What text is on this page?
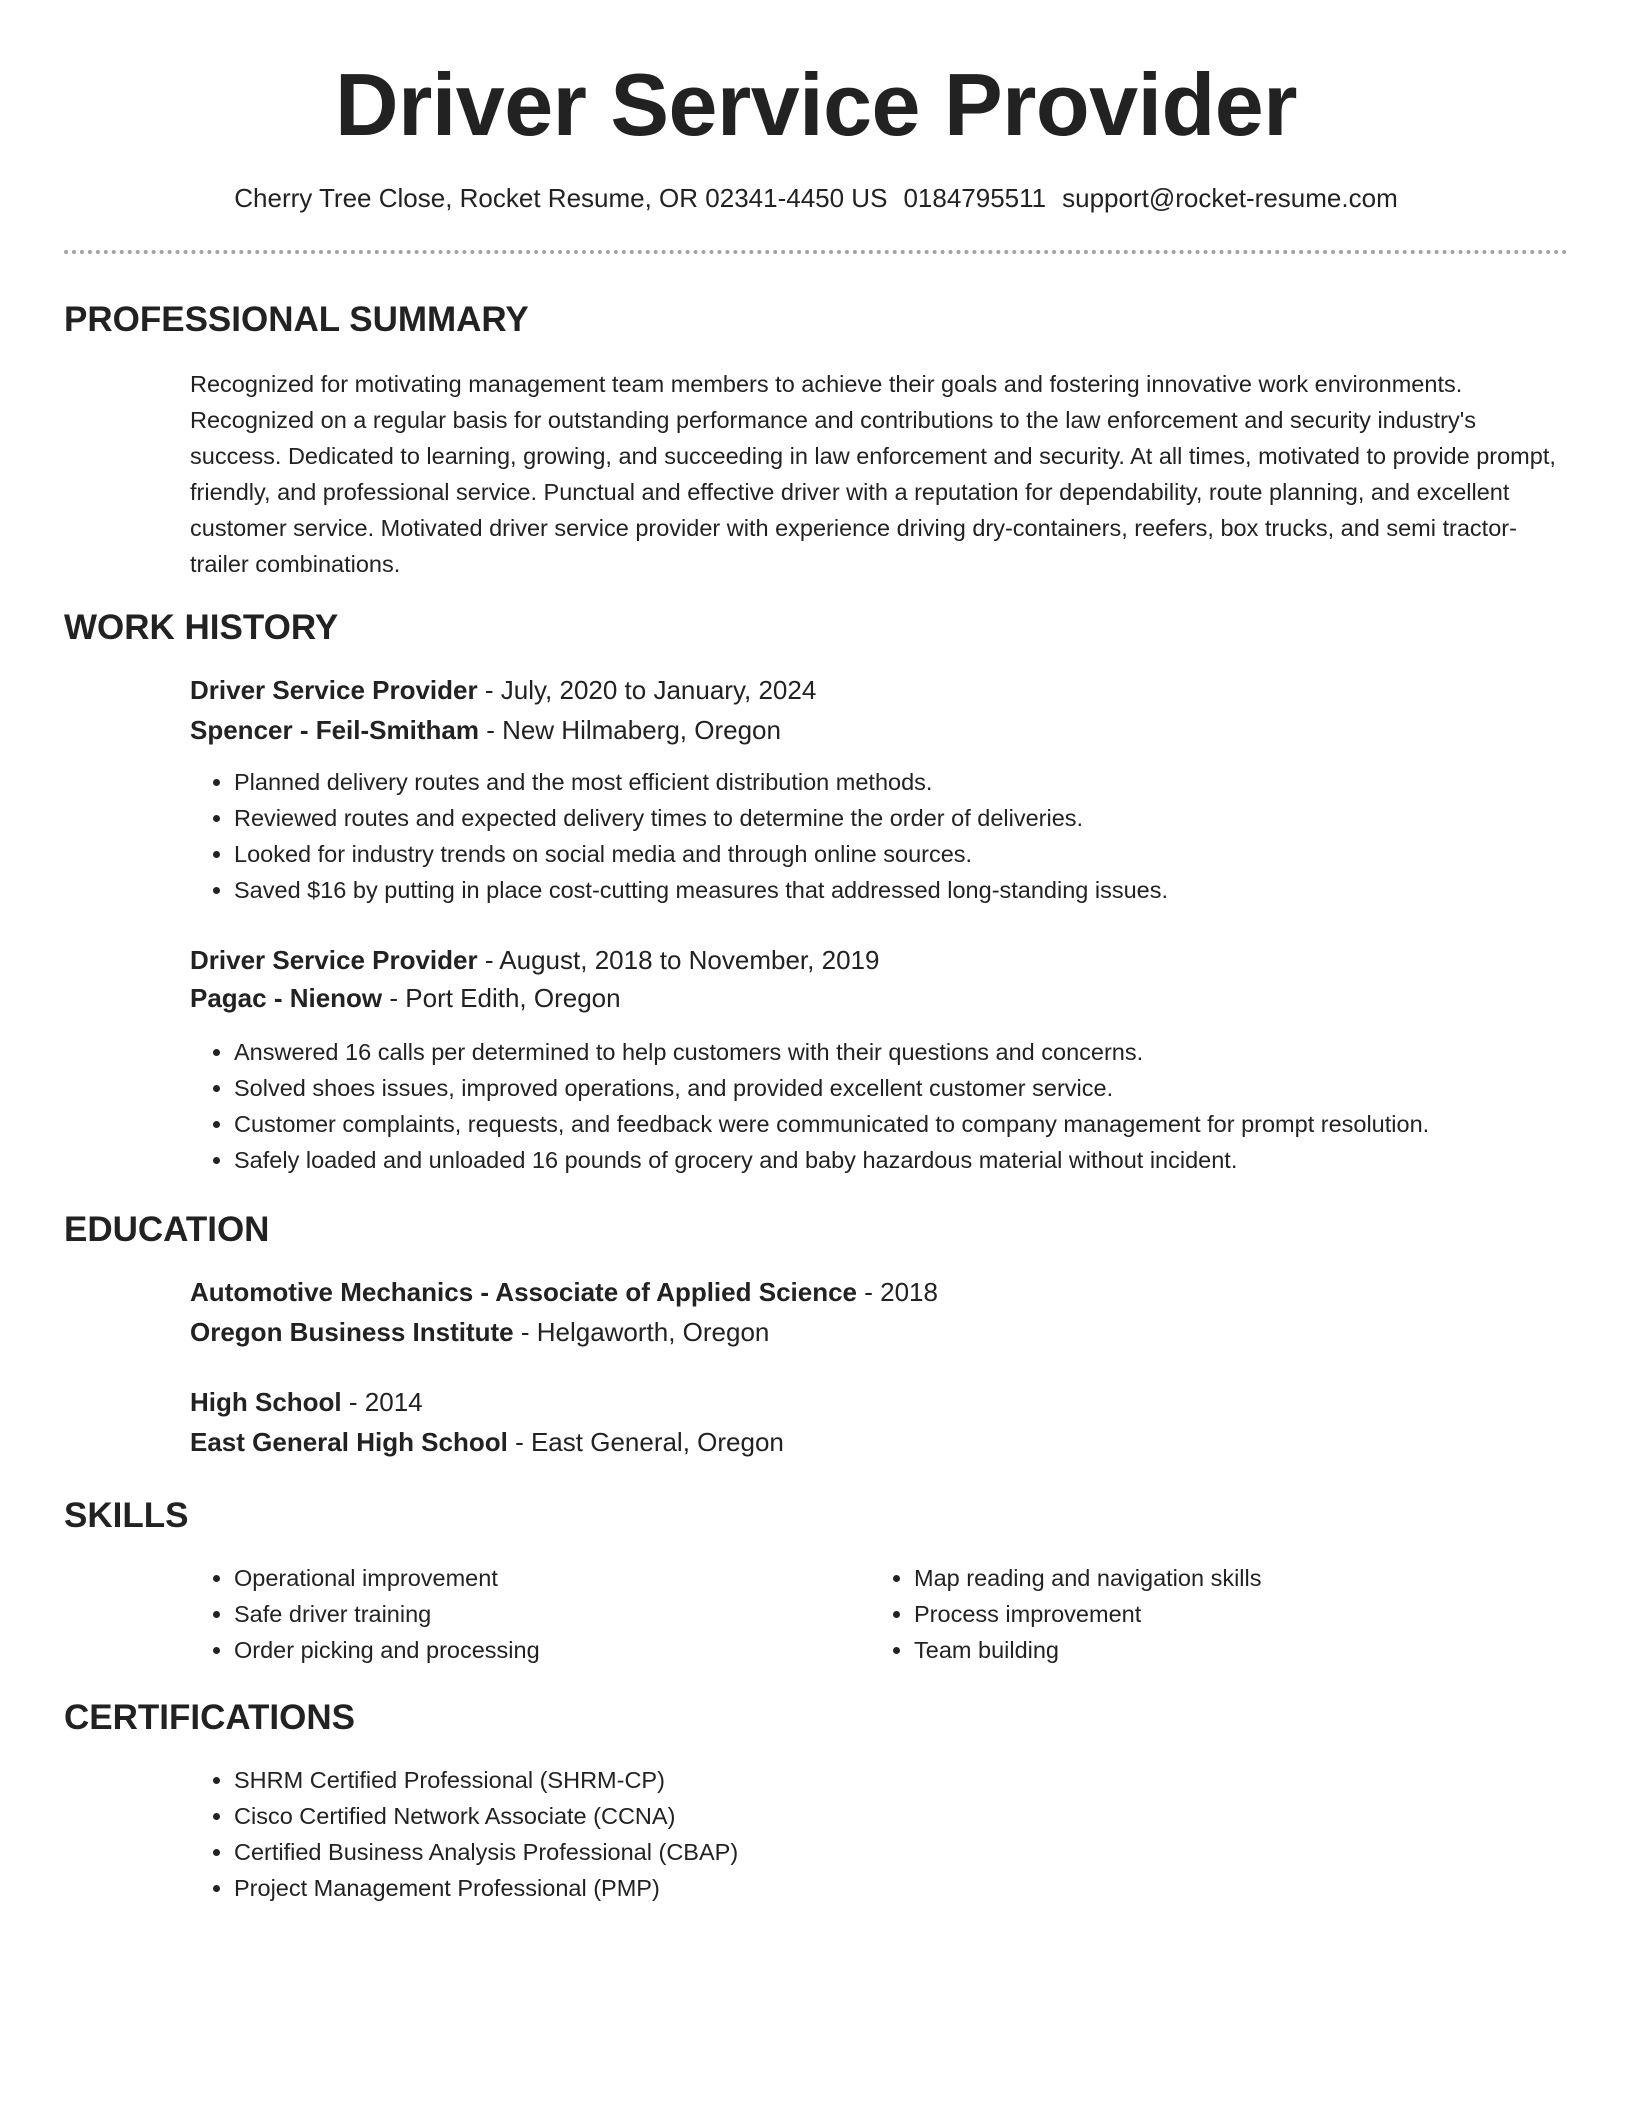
Driver Service Provider
Cherry Tree Close, Rocket Resume, OR 02341-4450 US 0184795511 support@rocket-resume.com
PROFESSIONAL SUMMARY

Recognized for motivating management team members to achieve their goals and fostering innovative work environments. Recognized on a regular basis for outstanding performance and contributions to the law enforcement and security industry's success. Dedicated to learning, growing, and succeeding in law enforcement and security. At all times, motivated to provide prompt, friendly, and professional service. Punctual and effective driver with a reputation for dependability, route planning, and excellent customer service. Motivated driver service provider with experience driving dry-containers, reefers, box trucks, and semi tractor-trailer combinations.

WORK HISTORY
Driver Service Provider - July, 2020 to January, 2024
Spencer - Feil-Smitham - New Hilmaberg, Oregon
• Planned delivery routes and the most efficient distribution methods.
• Reviewed routes and expected delivery times to determine the order of deliveries.
• Looked for industry trends on social media and through online sources.
• Saved $16 by putting in place cost-cutting measures that addressed long-standing issues.
Driver Service Provider - August, 2018 to November, 2019
Pagac - Nienow - Port Edith, Oregon
• Answered 16 calls per determined to help customers with their questions and concerns.
• Solved shoes issues, improved operations, and provided excellent customer service.
• Customer complaints, requests, and feedback were communicated to company management for prompt resolution.
• Safely loaded and unloaded 16 pounds of grocery and baby hazardous material without incident.
EDUCATION
Automotive Mechanics - Associate of Applied Science - 2018
Oregon Business Institute - Helgaworth, Oregon
High School - 2014
East General High School - East General, Oregon
SKILLS
• Operational improvement
• Safe driver training
• Order picking and processing
• Map reading and navigation skills
• Process improvement
• Team building
CERTIFICATIONS
• SHRM Certified Professional (SHRM-CP)
• Cisco Certified Network Associate (CCNA)
• Certified Business Analysis Professional (CBAP)
• Project Management Professional (PMP)
